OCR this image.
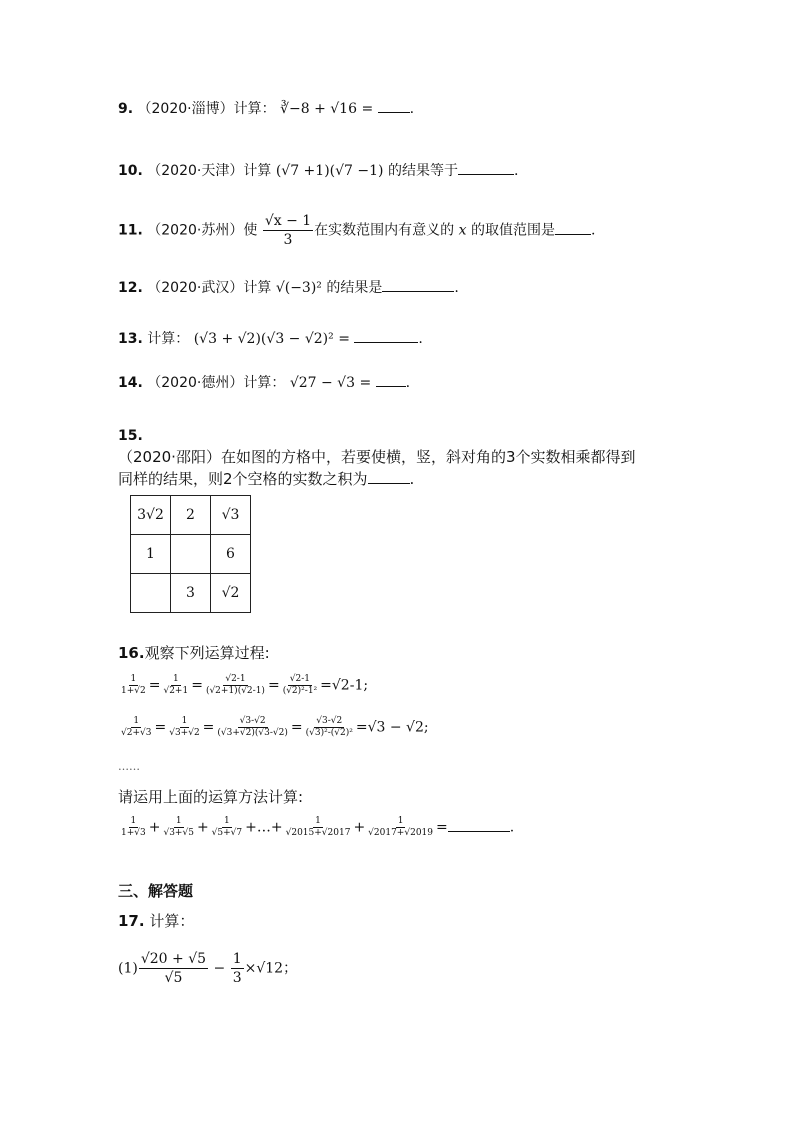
9. （2020·淄博）计算： ∛−8 + √16 =	.
10. （2020·天津）计算 (√7 +1)(√7 −1) 的结果等于	.
11. （2020·苏州）使 $\frac{√x - 1}{3}$ 在实数范围内有意义的 x 的取值范围是	.
12. （2020·武汉）计算 √(−3)² 的结果是	.
13. 计算： (√3 + √2)(√3 − √2)² =	.
14. （2020·德州）计算： √27 − √3 = .
15.
（2020·邵阳）在如图的方格中，若要使横，竖，斜对角的3个实数相乘都得到
同样的结果，则2个空格的实数之积为	.
3√2	2	√3
1		6
	3	√2
16.观察下列运算过程:
$\frac{1}{1+√2} = \frac{1}{√2+1} = \frac{√2-1}{(√2+1)(√2-1)} = \frac{√2-1}{\text{(√2)²-1²}} =√2-1$;
$\frac{1}{√2+√3} = \frac{1}{√3+√2} = \frac{√3-√2}{(√3+√2)(√3-√2)} = \frac{√3-√2}{\text{(√3)²-(√2)²}} =√3 - √2$;
……
请运用上面的运算方法计算:
$\frac{1}{1+√3} + \frac{1}{√3+√5} + \frac{1}{√5+√7}$ +…+ $\frac{1}{√2015+√2017} + \frac{1}{√2017+√2019}$ =	.
三、解答题
17. 计算：
$(1) \frac{√20 + √5}{√5} - \frac{1}{3} \times√12$；
